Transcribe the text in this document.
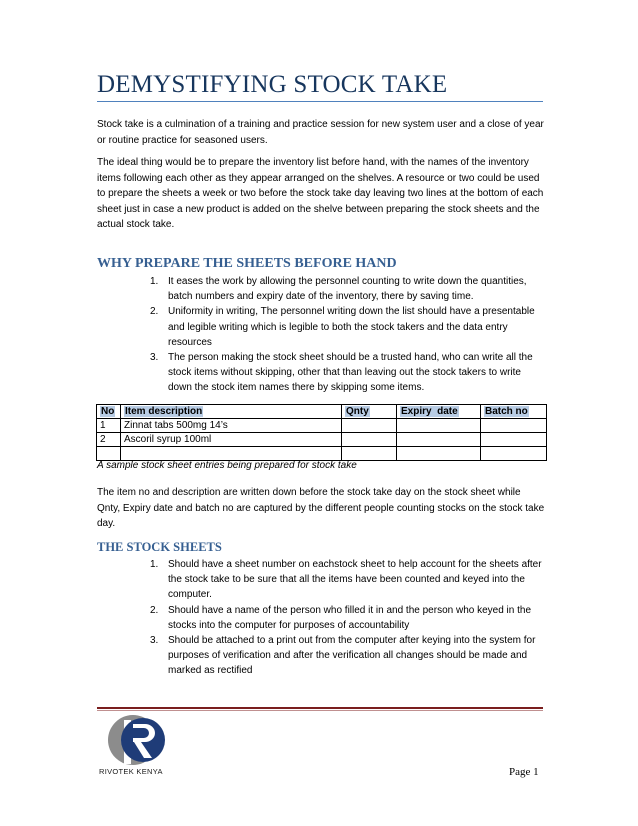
DEMYSTIFYING STOCK TAKE

Stock take is a culmination of a training and practice session for new system user and a close of year or routine practice for seasoned users.

The ideal thing would be to prepare the inventory list before hand, with the names of the inventory items following each other as they appear arranged on the shelves. A resource or two could be used to prepare the sheets a week or two before the stock take day leaving two lines at the bottom of each sheet just in case a new product is added on the shelve between preparing the stock sheets and the actual stock take.

WHY PREPARE THE SHEETS BEFORE HAND
1. It eases the work by allowing the personnel counting to write down the quantities, batch numbers and expiry date of the inventory, there by saving time.
2. Uniformity in writing, The personnel writing down the list should have a presentable and legible writing which is legible to both the stock takers and the data entry resources
3. The person making the stock sheet should be a trusted hand, who can write all the stock items without skipping, other that than leaving out the stock takers to write down the stock item names there by skipping some items.
No	Item description	Qnty	Expiry  date	Batch no
1	Zinnat tabs 500mg 14’s			
2	Ascoril syrup 100ml			

A sample stock sheet entries being prepared for stock take

The item no and description are written down before the stock take day on the stock sheet while Qnty, Expiry date and batch no are captured by the different people counting stocks on the stock take day.

THE STOCK SHEETS
1. Should have a sheet number on eachstock sheet to help account for the sheets after the stock take to be sure that all the items have been counted and keyed into the computer.
2. Should have a name of the person who filled it in and the person who keyed in the stocks into the computer for purposes of accountability
3. Should be attached to a print out from the computer after keying into the system for purposes of verification and after the verification all changes should be made and marked as rectified
RIVOTEK KENYA	Page 1
